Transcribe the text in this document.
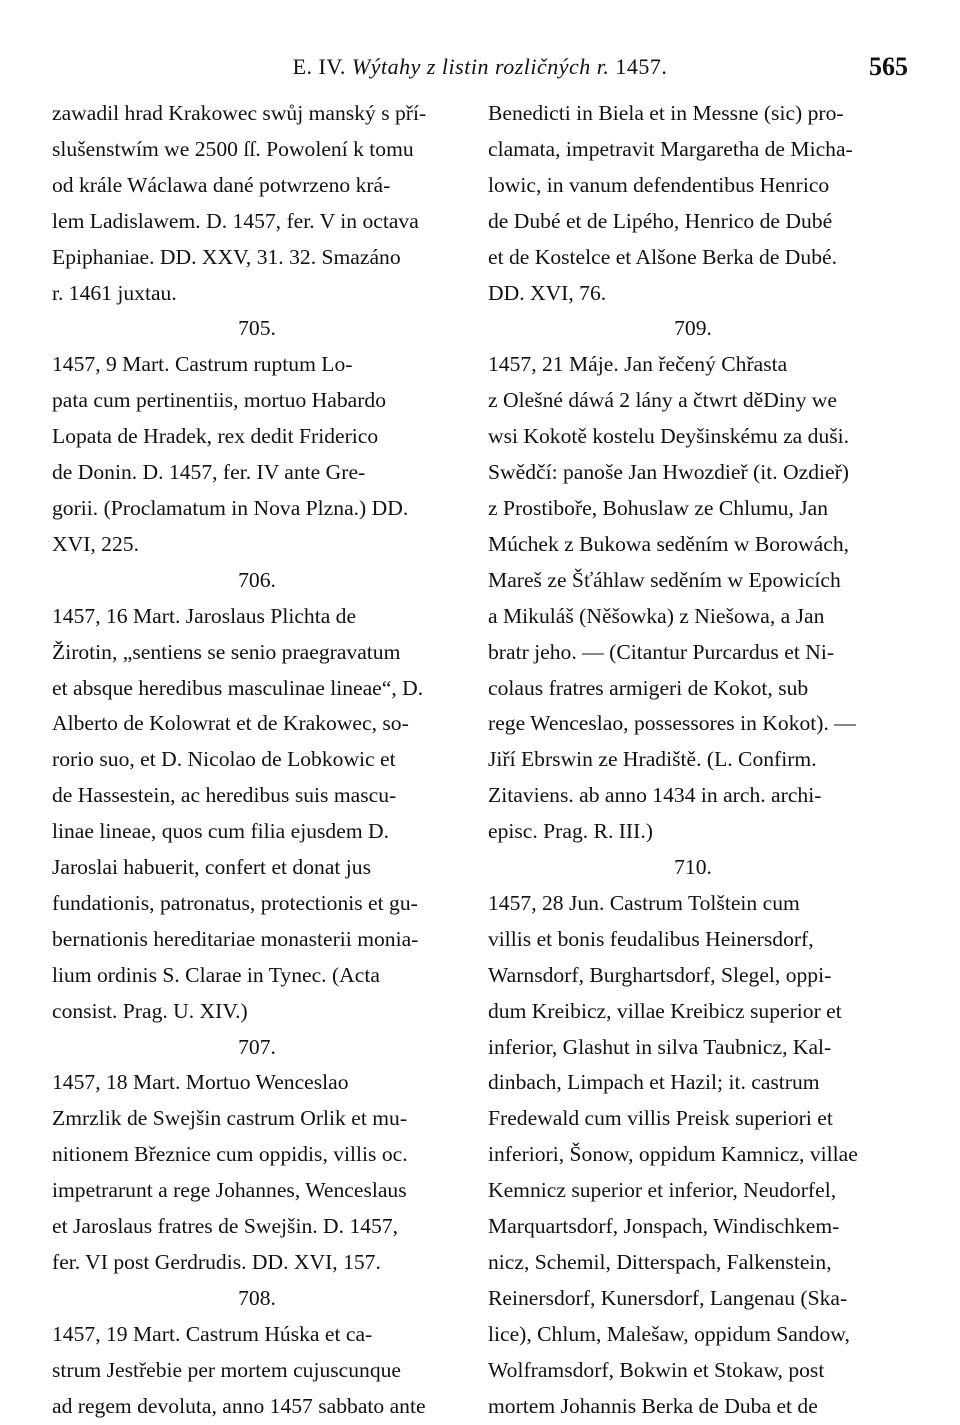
E. IV. Wýtahy z listin rozličných r. 1457.	565
zawadil hrad Krakowec swůj manský s pří-
slušenstwím we 2500 ſſ. Powolení k tomu
od krále Wáclawa dané potwrzeno krá-
lem Ladislawem. D. 1457, fer. V in octava
Epiphaniae. DD. XXV, 31. 32. Smazáno
r. 1461 juxtau.
705.
1457, 9 Mart. Castrum ruptum Lo-
pata cum pertinentiis, mortuo Habardo
Lopata de Hradek, rex dedit Friderico
de Donin. D. 1457, fer. IV ante Gre-
gorii. (Proclamatum in Nova Plzna.) DD.
XVI, 225.
706.
1457, 16 Mart. Jaroslaus Plichta de
Žirotin, „sentiens se senio praegravatum
et absque heredibus masculinae lineae“, D.
Alberto de Kolowrat et de Krakowec, so-
rorio suo, et D. Nicolao de Lobkowic et
de Hassestein, ac heredibus suis mascu-
linae lineae, quos cum filia ejusdem D.
Jaroslai habuerit, confert et donat jus
fundationis, patronatus, protectionis et gu-
bernationis hereditariae monasterii monia-
lium ordinis S. Clarae in Tynec. (Acta
consist. Prag. U. XIV.)
707.
1457, 18 Mart. Mortuo Wenceslao
Zmrzlik de Swejšin castrum Orlik et mu-
nitionem Březnice cum oppidis, villis oc.
impetrarunt a rege Johannes, Wenceslaus
et Jaroslaus fratres de Swejšin. D. 1457,
fer. VI post Gerdrudis. DD. XVI, 157.
708.
1457, 19 Mart. Castrum Húska et ca-
strum Jestřebie per mortem cujuscunque
ad regem devoluta, anno 1457 sabbato ante
Benedicti in Biela et in Messne (sic) pro-
clamata, impetravit Margaretha de Micha-
lowic, in vanum defendentibus Henrico
de Dubé et de Lipého, Henrico de Dubé
et de Kostelce et Alšone Berka de Dubé.
DD. XVI, 76.
709.
1457, 21 Máje. Jan řečený Chřasta
z Olešné dáwá 2 lány a čtwrt děDiny we
wsi Kokotě kostelu Deyšinskému za duši.
Swědčí: panoše Jan Hwozdieř (it. Ozdieř)
z Prostiboře, Bohuslaw ze Chlumu, Jan
Múchek z Bukowa seděním w Borowách,
Mareš ze Šťáhlaw seděním w Epowicích
a Mikuláš (Něšowka) z Niešowa, a Jan
bratr jeho. — (Citantur Purcardus et Ni-
colaus fratres armigeri de Kokot, sub
rege Wenceslao, possessores in Kokot). —
Jiří Ebrswin ze Hradiště. (L. Confirm.
Zitaviens. ab anno 1434 in arch. archi-
episc. Prag. R. III.)
710.
1457, 28 Jun. Castrum Tolštein cum
villis et bonis feudalibus Heinersdorf,
Warnsdorf, Burghartsdorf, Slegel, oppi-
dum Kreibicz, villae Kreibicz superior et
inferior, Glashut in silva Taubnicz, Kal-
dinbach, Limpach et Hazil; it. castrum
Fredewald cum villis Preisk superiori et
inferiori, Šonow, oppidum Kamnicz, villae
Kemnicz superior et inferior, Neudorfel,
Marquartsdorf, Jonspach, Windischkem-
nicz, Schemil, Ditterspach, Falkenstein,
Reinersdorf, Kunersdorf, Langenau (Ska-
lice), Chlum, Malešaw, oppidum Sandow,
Wolframsdorf, Bokwin et Stokaw, post
mortem Johannis Berka de Duba et de
